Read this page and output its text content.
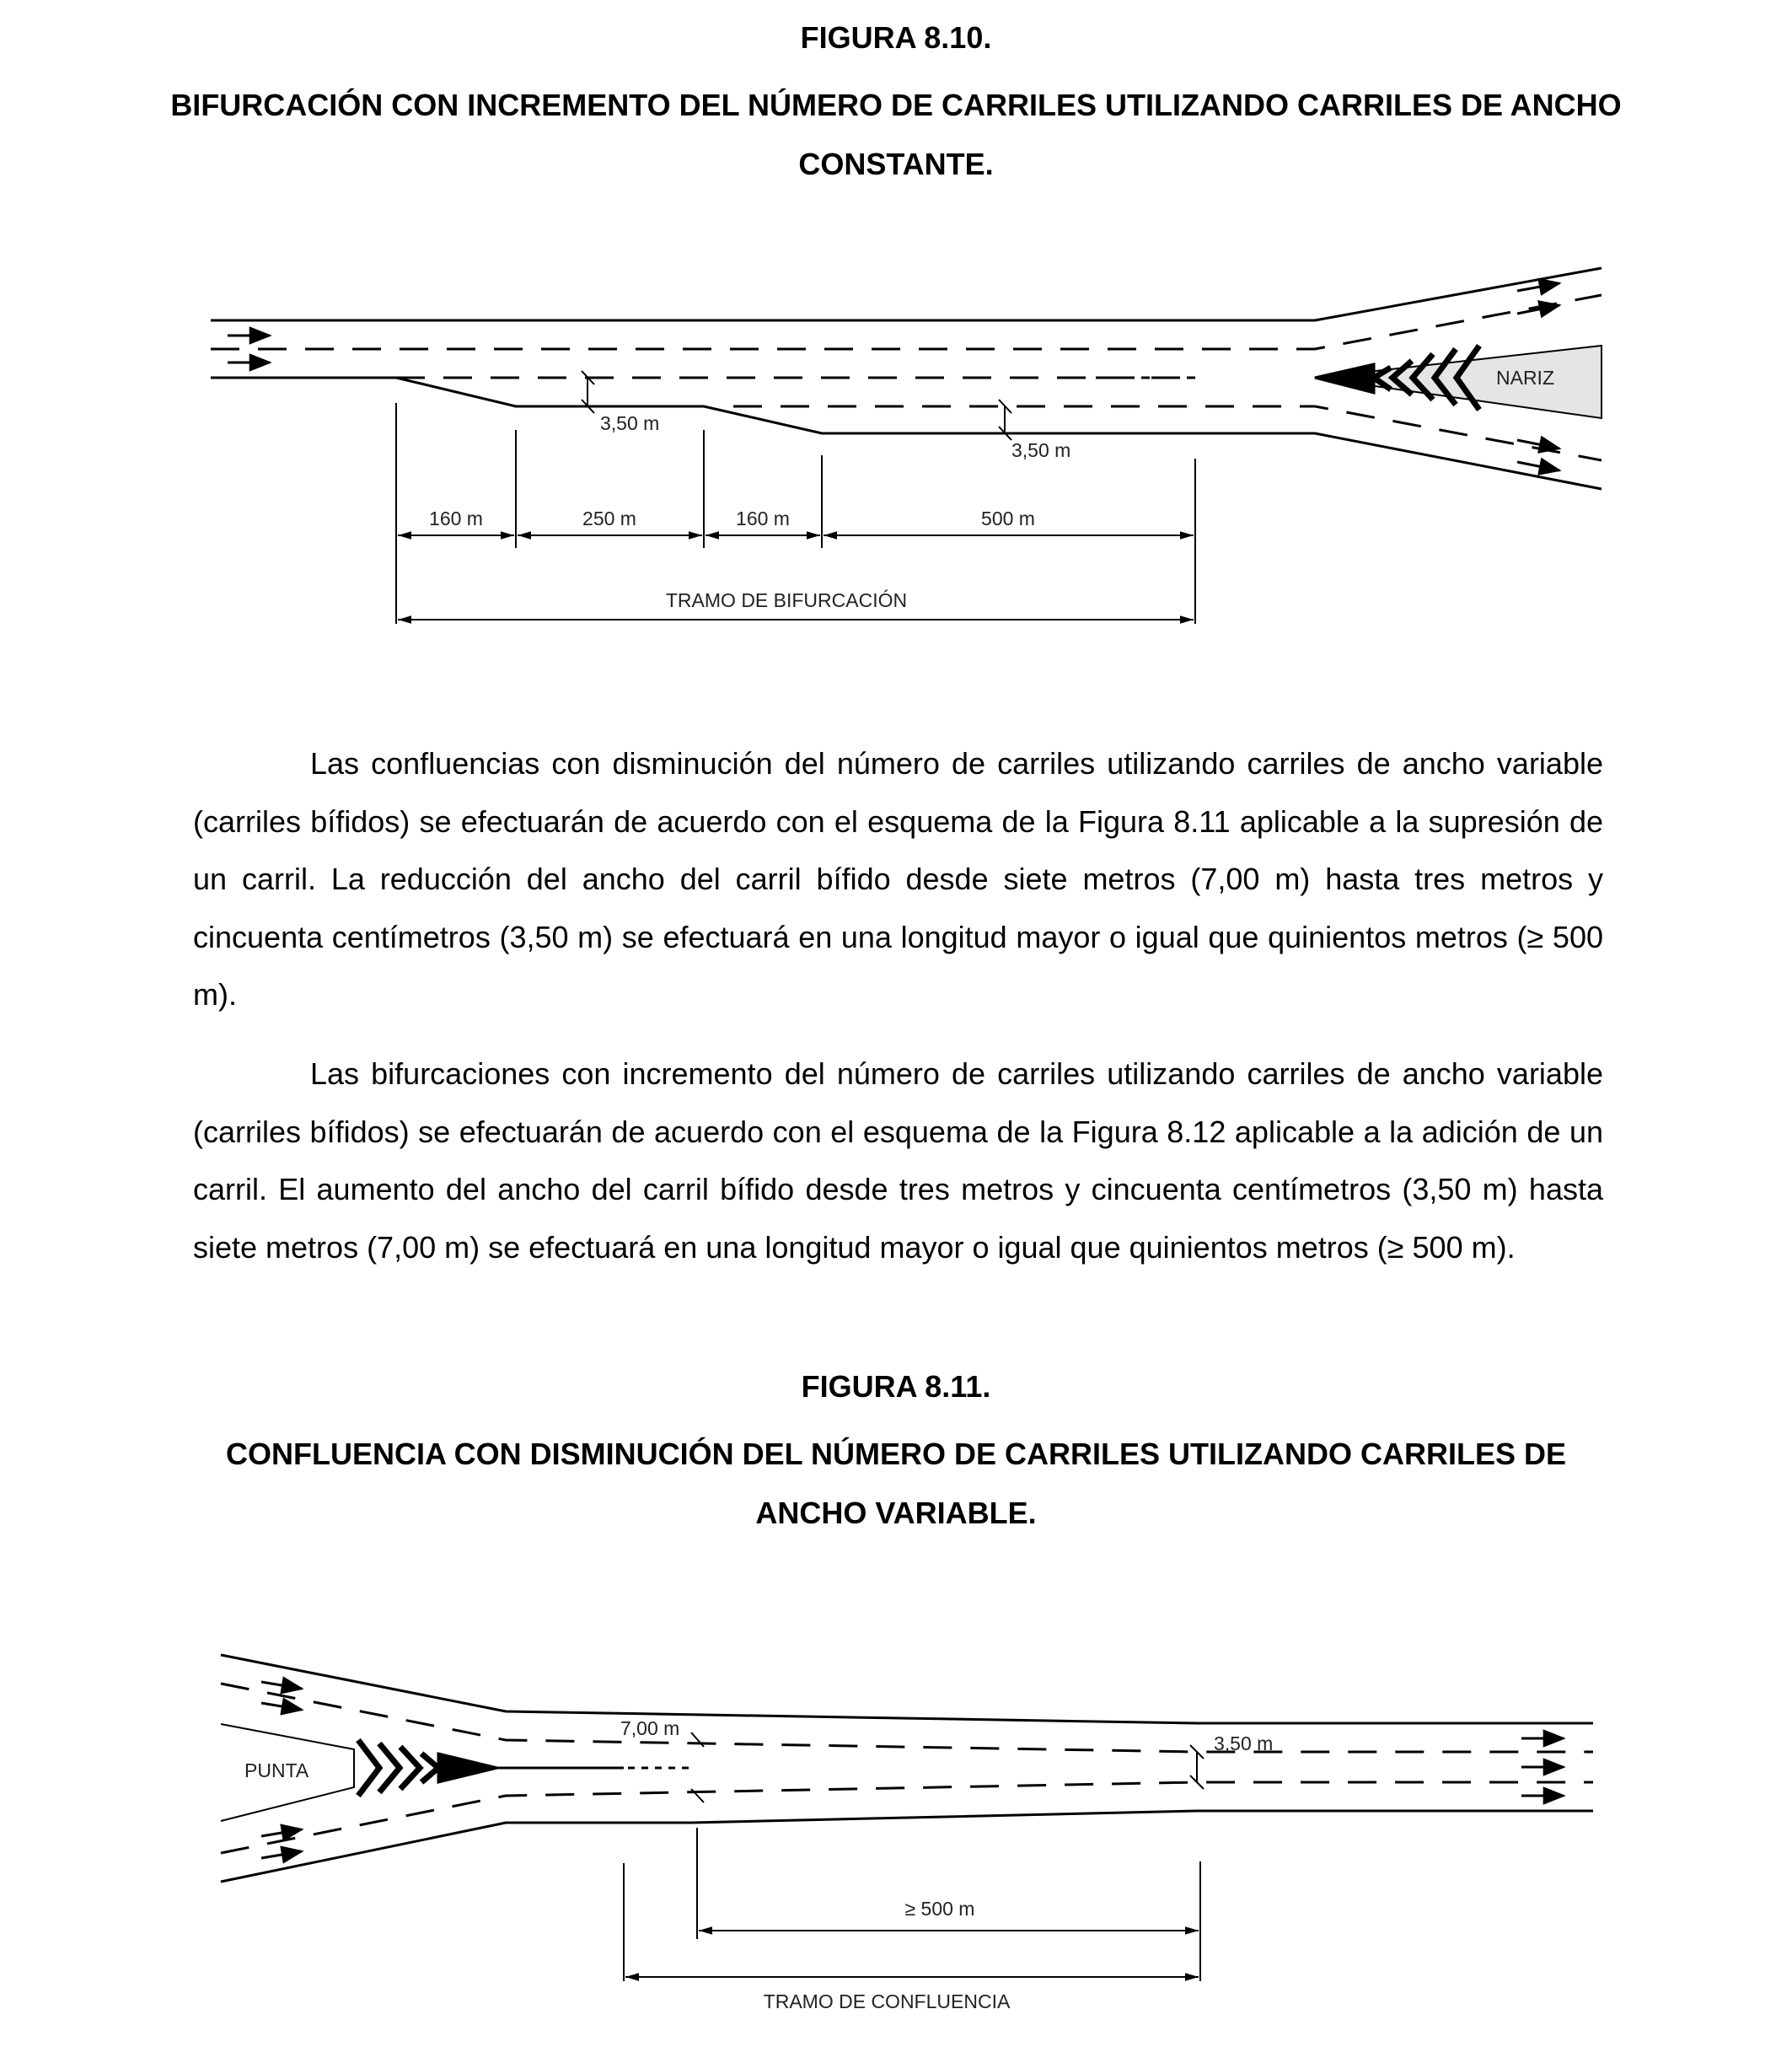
FIGURA 8.10.

BIFURCACIÓN CON INCREMENTO DEL NÚMERO DE CARRILES UTILIZANDO CARRILES DE ANCHO CONSTANTE.

3,50 m
3,50 m
NARIZ
160 m	250 m	160 m	500 m
TRAMO DE BIFURCACIÓN

Las confluencias con disminución del número de carriles utilizando carriles de ancho variable (carriles bífidos) se efectuarán de acuerdo con el esquema de la Figura 8.11 aplicable a la supresión de un carril. La reducción del ancho del carril bífido desde siete metros (7,00 m) hasta tres metros y cincuenta centímetros (3,50 m) se efectuará en una longitud mayor o igual que quinientos metros (≥ 500 m).

Las bifurcaciones con incremento del número de carriles utilizando carriles de ancho variable (carriles bífidos) se efectuarán de acuerdo con el esquema de la Figura 8.12 aplicable a la adición de un carril. El aumento del ancho del carril bífido desde tres metros y cincuenta centímetros (3,50 m) hasta siete metros (7,00 m) se efectuará en una longitud mayor o igual que quinientos metros (≥ 500 m).

FIGURA 8.11.

CONFLUENCIA CON DISMINUCIÓN DEL NÚMERO DE CARRILES UTILIZANDO CARRILES DE ANCHO VARIABLE.

7,00 m
3,50 m
PUNTA
≥ 500 m
TRAMO DE CONFLUENCIA
